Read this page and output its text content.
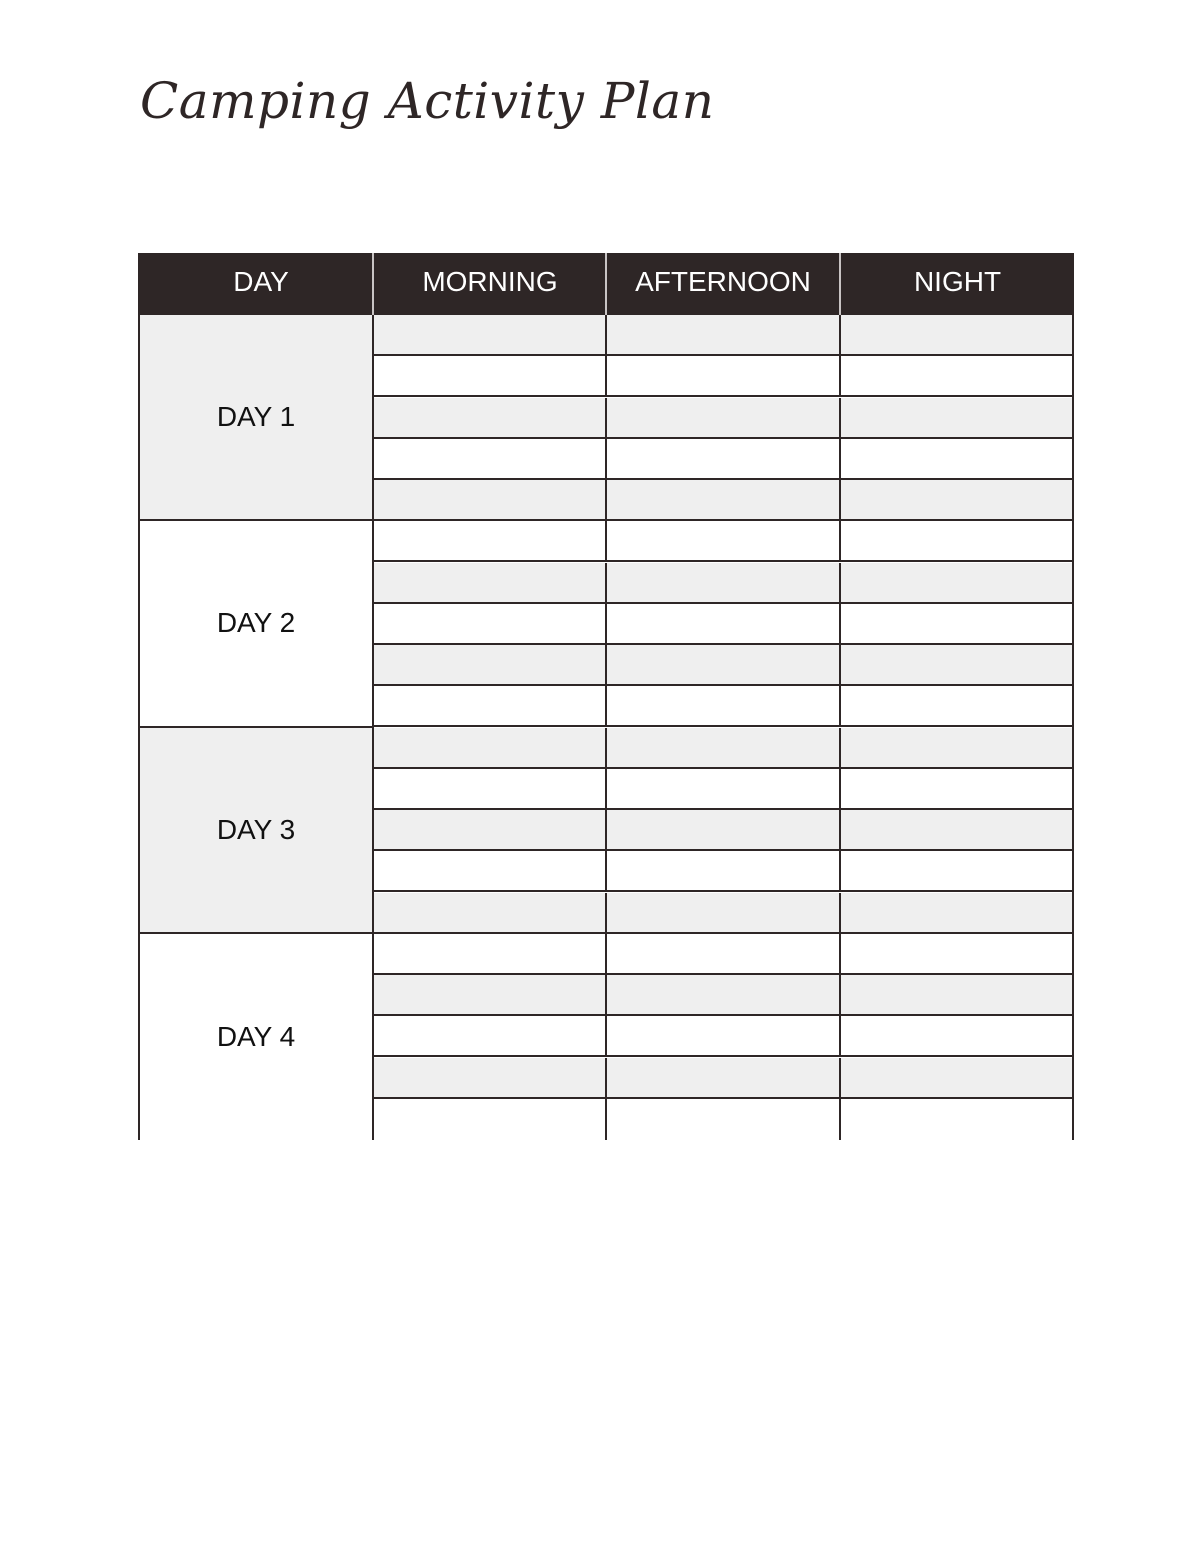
Camping Activity Plan
DAY	MORNING	AFTERNOON	NIGHT
DAY 1
DAY 2
DAY 3
DAY 4
